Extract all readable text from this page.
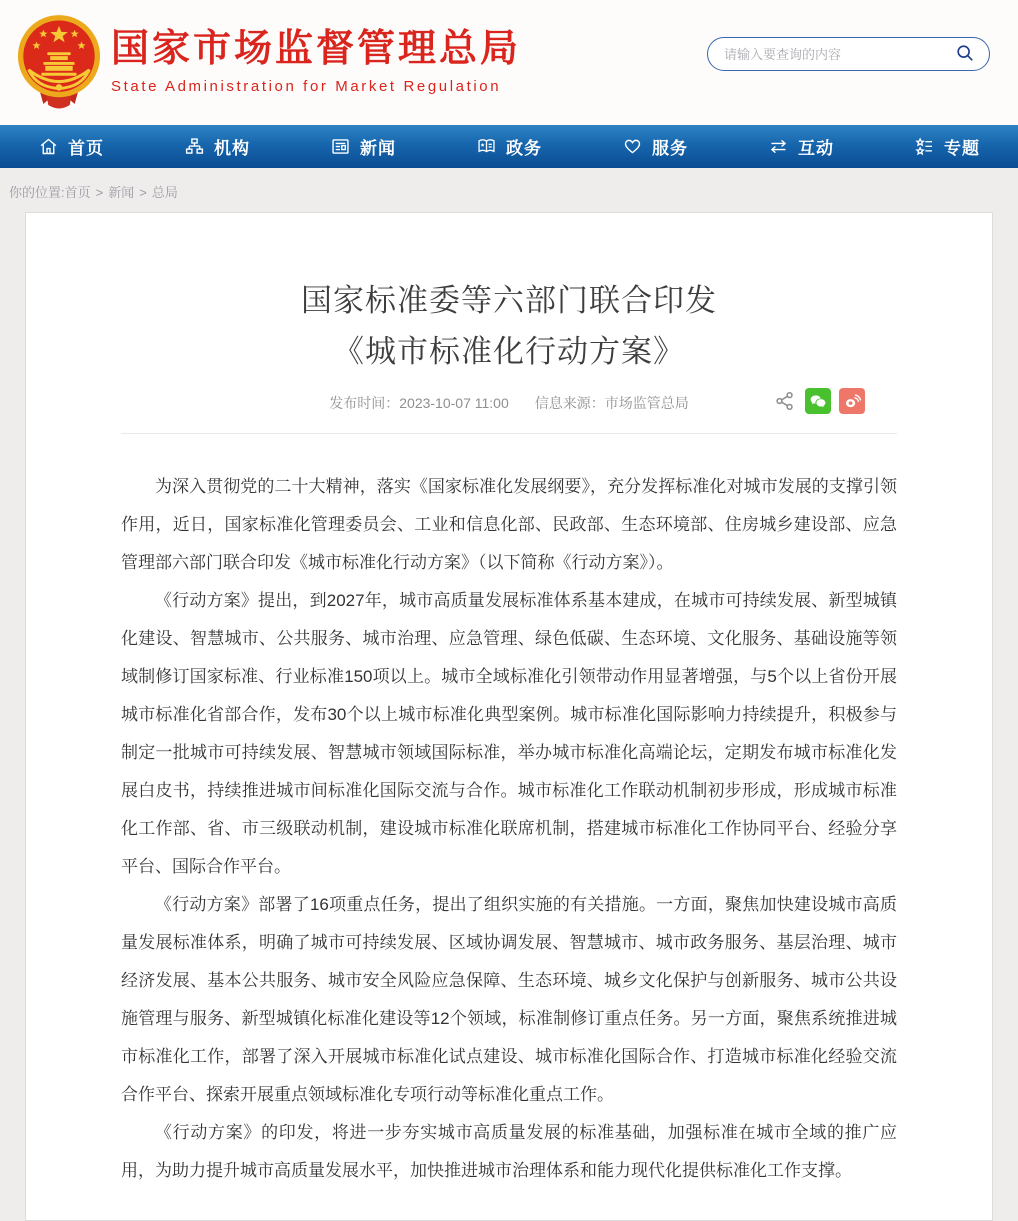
国家市场监督管理总局
State Administration for Market Regulation
请输入要查询的内容
首页	机构	新闻	政务	服务	互动	专题
你的位置:首页 > 新闻 > 总局
国家标准委等六部门联合印发
《城市标准化行动方案》
发布时间：2023-10-07 11:00 信息来源：市场监管总局

为深入贯彻党的二十大精神，落实《国家标准化发展纲要》，充分发挥标准化对城市发展的支撑引领作用，近日，国家标准化管理委员会、工业和信息化部、民政部、生态环境部、住房城乡建设部、应急管理部六部门联合印发《城市标准化行动方案》（以下简称《行动方案》）。

《行动方案》提出，到2027年，城市高质量发展标准体系基本建成，在城市可持续发展、新型城镇化建设、智慧城市、公共服务、城市治理、应急管理、绿色低碳、生态环境、文化服务、基础设施等领域制修订国家标准、行业标准150项以上。城市全域标准化引领带动作用显著增强，与5个以上省份开展城市标准化省部合作，发布30个以上城市标准化典型案例。城市标准化国际影响力持续提升，积极参与制定一批城市可持续发展、智慧城市领域国际标准，举办城市标准化高端论坛，定期发布城市标准化发展白皮书，持续推进城市间标准化国际交流与合作。城市标准化工作联动机制初步形成，形成城市标准化工作部、省、市三级联动机制，建设城市标准化联席机制，搭建城市标准化工作协同平台、经验分享平台、国际合作平台。

《行动方案》部署了16项重点任务，提出了组织实施的有关措施。一方面，聚焦加快建设城市高质量发展标准体系，明确了城市可持续发展、区域协调发展、智慧城市、城市政务服务、基层治理、城市经济发展、基本公共服务、城市安全风险应急保障、生态环境、城乡文化保护与创新服务、城市公共设施管理与服务、新型城镇化标准化建设等12个领域，标准制修订重点任务。另一方面，聚焦系统推进城市标准化工作，部署了深入开展城市标准化试点建设、城市标准化国际合作、打造城市标准化经验交流合作平台、探索开展重点领域标准化专项行动等标准化重点工作。

《行动方案》的印发，将进一步夯实城市高质量发展的标准基础，加强标准在城市全域的推广应用，为助力提升城市高质量发展水平，加快推进城市治理体系和能力现代化提供标准化工作支撑。
